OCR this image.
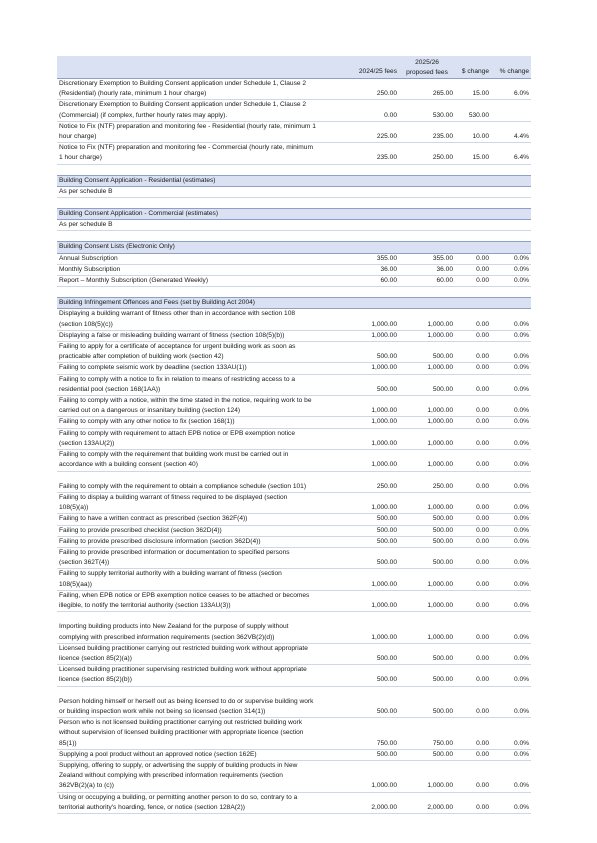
	2024/25 fees	2025/26
proposed fees	$ change	% change
Discretionary Exemption to Building Consent application under Schedule 1, Clause 2
(Residential) (hourly rate, minimum 1 hour charge)	250.00	265.00	15.00	6.0%
Discretionary Exemption to Building Consent application under Schedule 1, Clause 2
(Commercial) (if complex, further hourly rates may apply).	0.00	530.00	530.00	
Notice to Fix (NTF) preparation and monitoring fee - Residential (hourly rate, minimum 1
hour charge)	225.00	235.00	10.00	4.4%
Notice to Fix (NTF) preparation and monitoring fee - Commercial (hourly rate, minimum
1 hour charge)	235.00	250.00	15.00	6.4%

Building Consent Application - Residential (estimates)				
As per schedule B				

Building Consent Application - Commercial (estimates)				
As per schedule B				

Building Consent Lists (Electronic Only)				
Annual Subscription	355.00	355.00	0.00	0.0%
Monthly Subscription	36.00	36.00	0.00	0.0%
Report – Monthly Subscription (Generated Weekly)	60.00	60.00	0.00	0.0%

Building Infringement Offences and Fees (set by Building Act 2004)				
Displaying a building warrant of fitness other than in accordance with section 108
(section 108(5)(c))	1,000.00	1,000.00	0.00	0.0%
Displaying a false or misleading building warrant of fitness (section 108(5)(b))	1,000.00	1,000.00	0.00	0.0%
Failing to apply for a certificate of acceptance for urgent building work as soon as
practicable after completion of building work (section 42)	500.00	500.00	0.00	0.0%
Failing to complete seismic work by deadline (section 133AU(1))	1,000.00	1,000.00	0.00	0.0%
Failing to comply with a notice to fix in relation to means of restricting access to a
residential pool (section 168(1AA))	500.00	500.00	0.00	0.0%
Failing to comply with a notice, within the time stated in the notice, requiring work to be
carried out on a dangerous or insanitary building (section 124)	1,000.00	1,000.00	0.00	0.0%
Failing to comply with any other notice to fix (section 168(1))	1,000.00	1,000.00	0.00	0.0%
Failing to comply with requirement to attach EPB notice or EPB exemption notice
(section 133AU(2))	1,000.00	1,000.00	0.00	0.0%
Failing to comply with the requirement that building work must be carried out in
accordance with a building consent (section 40)	1,000.00	1,000.00	0.00	0.0%

Failing to comply with the requirement to obtain a compliance schedule (section 101)	250.00	250.00	0.00	0.0%
Failing to display a building warrant of fitness required to be displayed (section
108(5)(a))	1,000.00	1,000.00	0.00	0.0%
Failing to have a written contract as prescribed (section 362F(4))	500.00	500.00	0.00	0.0%
Failing to provide prescribed checklist (section 362D(4))	500.00	500.00	0.00	0.0%
Failing to provide prescribed disclosure information (section 362D(4))	500.00	500.00	0.00	0.0%
Failing to provide prescribed information or documentation to specified persons
(section 362T(4))	500.00	500.00	0.00	0.0%
Failing to supply territorial authority with a building warrant of fitness (section
108(5)(aa))	1,000.00	1,000.00	0.00	0.0%
Failing, when EPB notice or EPB exemption notice ceases to be attached or becomes
illegible, to notify the territorial authority (section 133AU(3))	1,000.00	1,000.00	0.00	0.0%

Importing building products into New Zealand for the purpose of supply without
complying with prescribed information requirements (section 362VB(2)(d))	1,000.00	1,000.00	0.00	0.0%
Licensed building practitioner carrying out restricted building work without appropriate
licence (section 85(2)(a))	500.00	500.00	0.00	0.0%
Licensed building practitioner supervising restricted building work without appropriate
licence (section 85(2)(b))	500.00	500.00	0.00	0.0%

Person holding himself or herself out as being licensed to do or supervise building work
or building inspection work while not being so licensed (section 314(1))	500.00	500.00	0.00	0.0%
Person who is not licensed building practitioner carrying out restricted building work
without supervision of licensed building practitioner with appropriate licence (section
85(1))	750.00	750.00	0.00	0.0%
Supplying a pool product without an approved notice (section 162E)	500.00	500.00	0.00	0.0%
Supplying, offering to supply, or advertising the supply of building products in New
Zealand without complying with prescribed information requirements (section
362VB(2)(a) to (c))	1,000.00	1,000.00	0.00	0.0%
Using or occupying a building, or permitting another person to do so, contrary to a
territorial authority's hoarding, fence, or notice (section 128A(2))	2,000.00	2,000.00	0.00	0.0%
